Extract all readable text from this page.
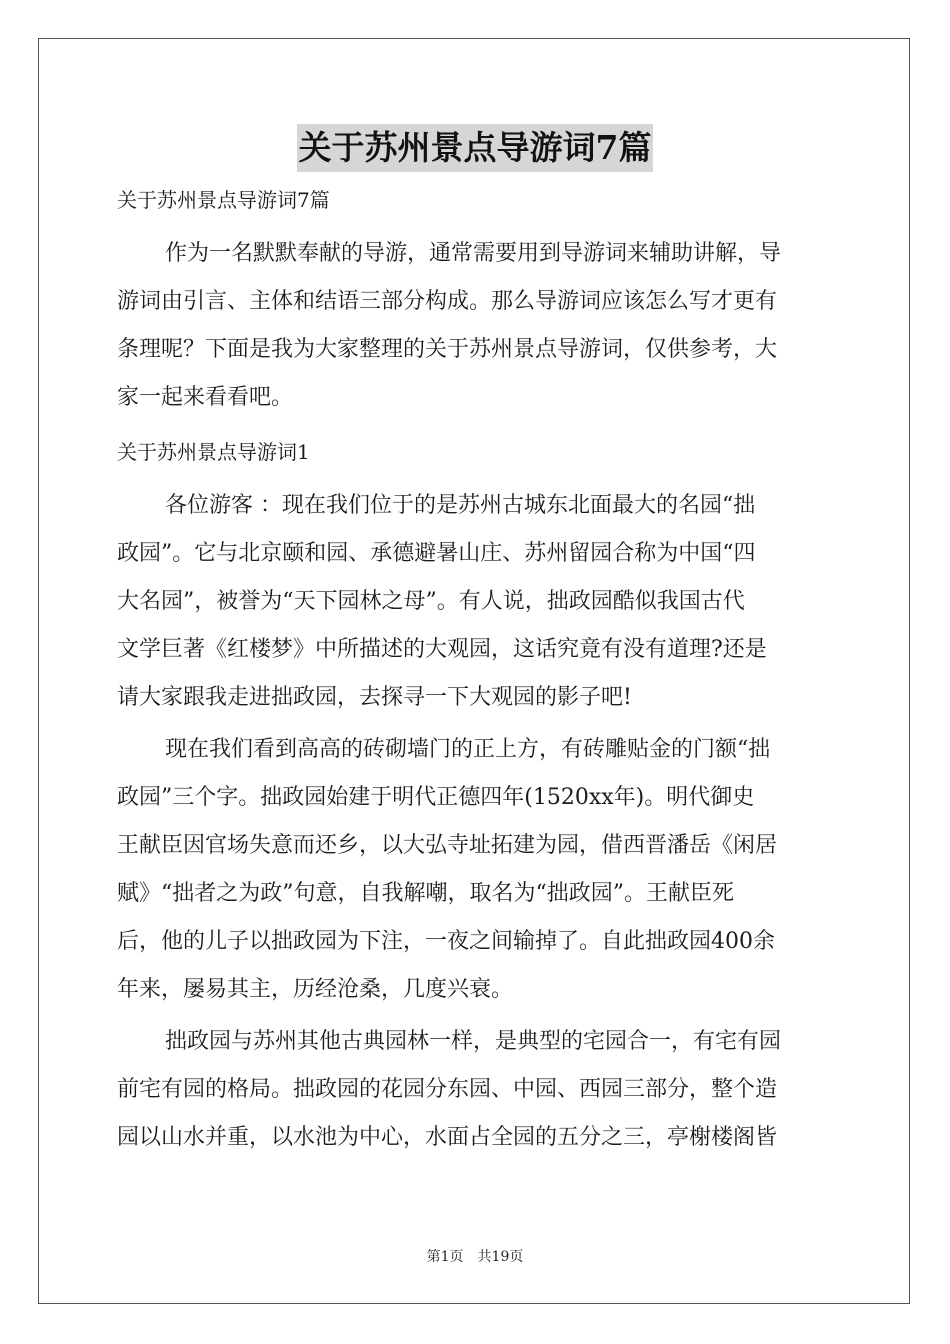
关于苏州景点导游词7篇
关于苏州景点导游词7篇
作为一名默默奉献的导游，通常需要用到导游词来辅助讲解，导
游词由引言、主体和结语三部分构成。那么导游词应该怎么写才更有
条理呢？下面是我为大家整理的关于苏州景点导游词，仅供参考，大
家一起来看看吧。
关于苏州景点导游词1
各位游客 ：现在我们位于的是苏州古城东北面最大的名园“拙
政园”。它与北京颐和园、承德避暑山庄、苏州留园合称为中国“四
大名园”，被誉为“天下园林之母”。有人说，拙政园酷似我国古代
文学巨著《红楼梦》中所描述的大观园，这话究竟有没有道理?还是
请大家跟我走进拙政园，去探寻一下大观园的影子吧!
现在我们看到高高的砖砌墙门的正上方，有砖雕贴金的门额“拙
政园”三个字。拙政园始建于明代正德四年(1520xx年)。明代御史
王献臣因官场失意而还乡，以大弘寺址拓建为园，借西晋潘岳《闲居
赋》“拙者之为政”句意，自我解嘲，取名为“拙政园”。王献臣死
后，他的儿子以拙政园为下注，一夜之间输掉了。自此拙政园400余
年来，屡易其主，历经沧桑，几度兴衰。
拙政园与苏州其他古典园林一样，是典型的宅园合一，有宅有园
前宅有园的格局。拙政园的花园分东园、中园、西园三部分，整个造
园以山水并重，以水池为中心，水面占全园的五分之三，亭榭楼阁皆
第1页 共19页
